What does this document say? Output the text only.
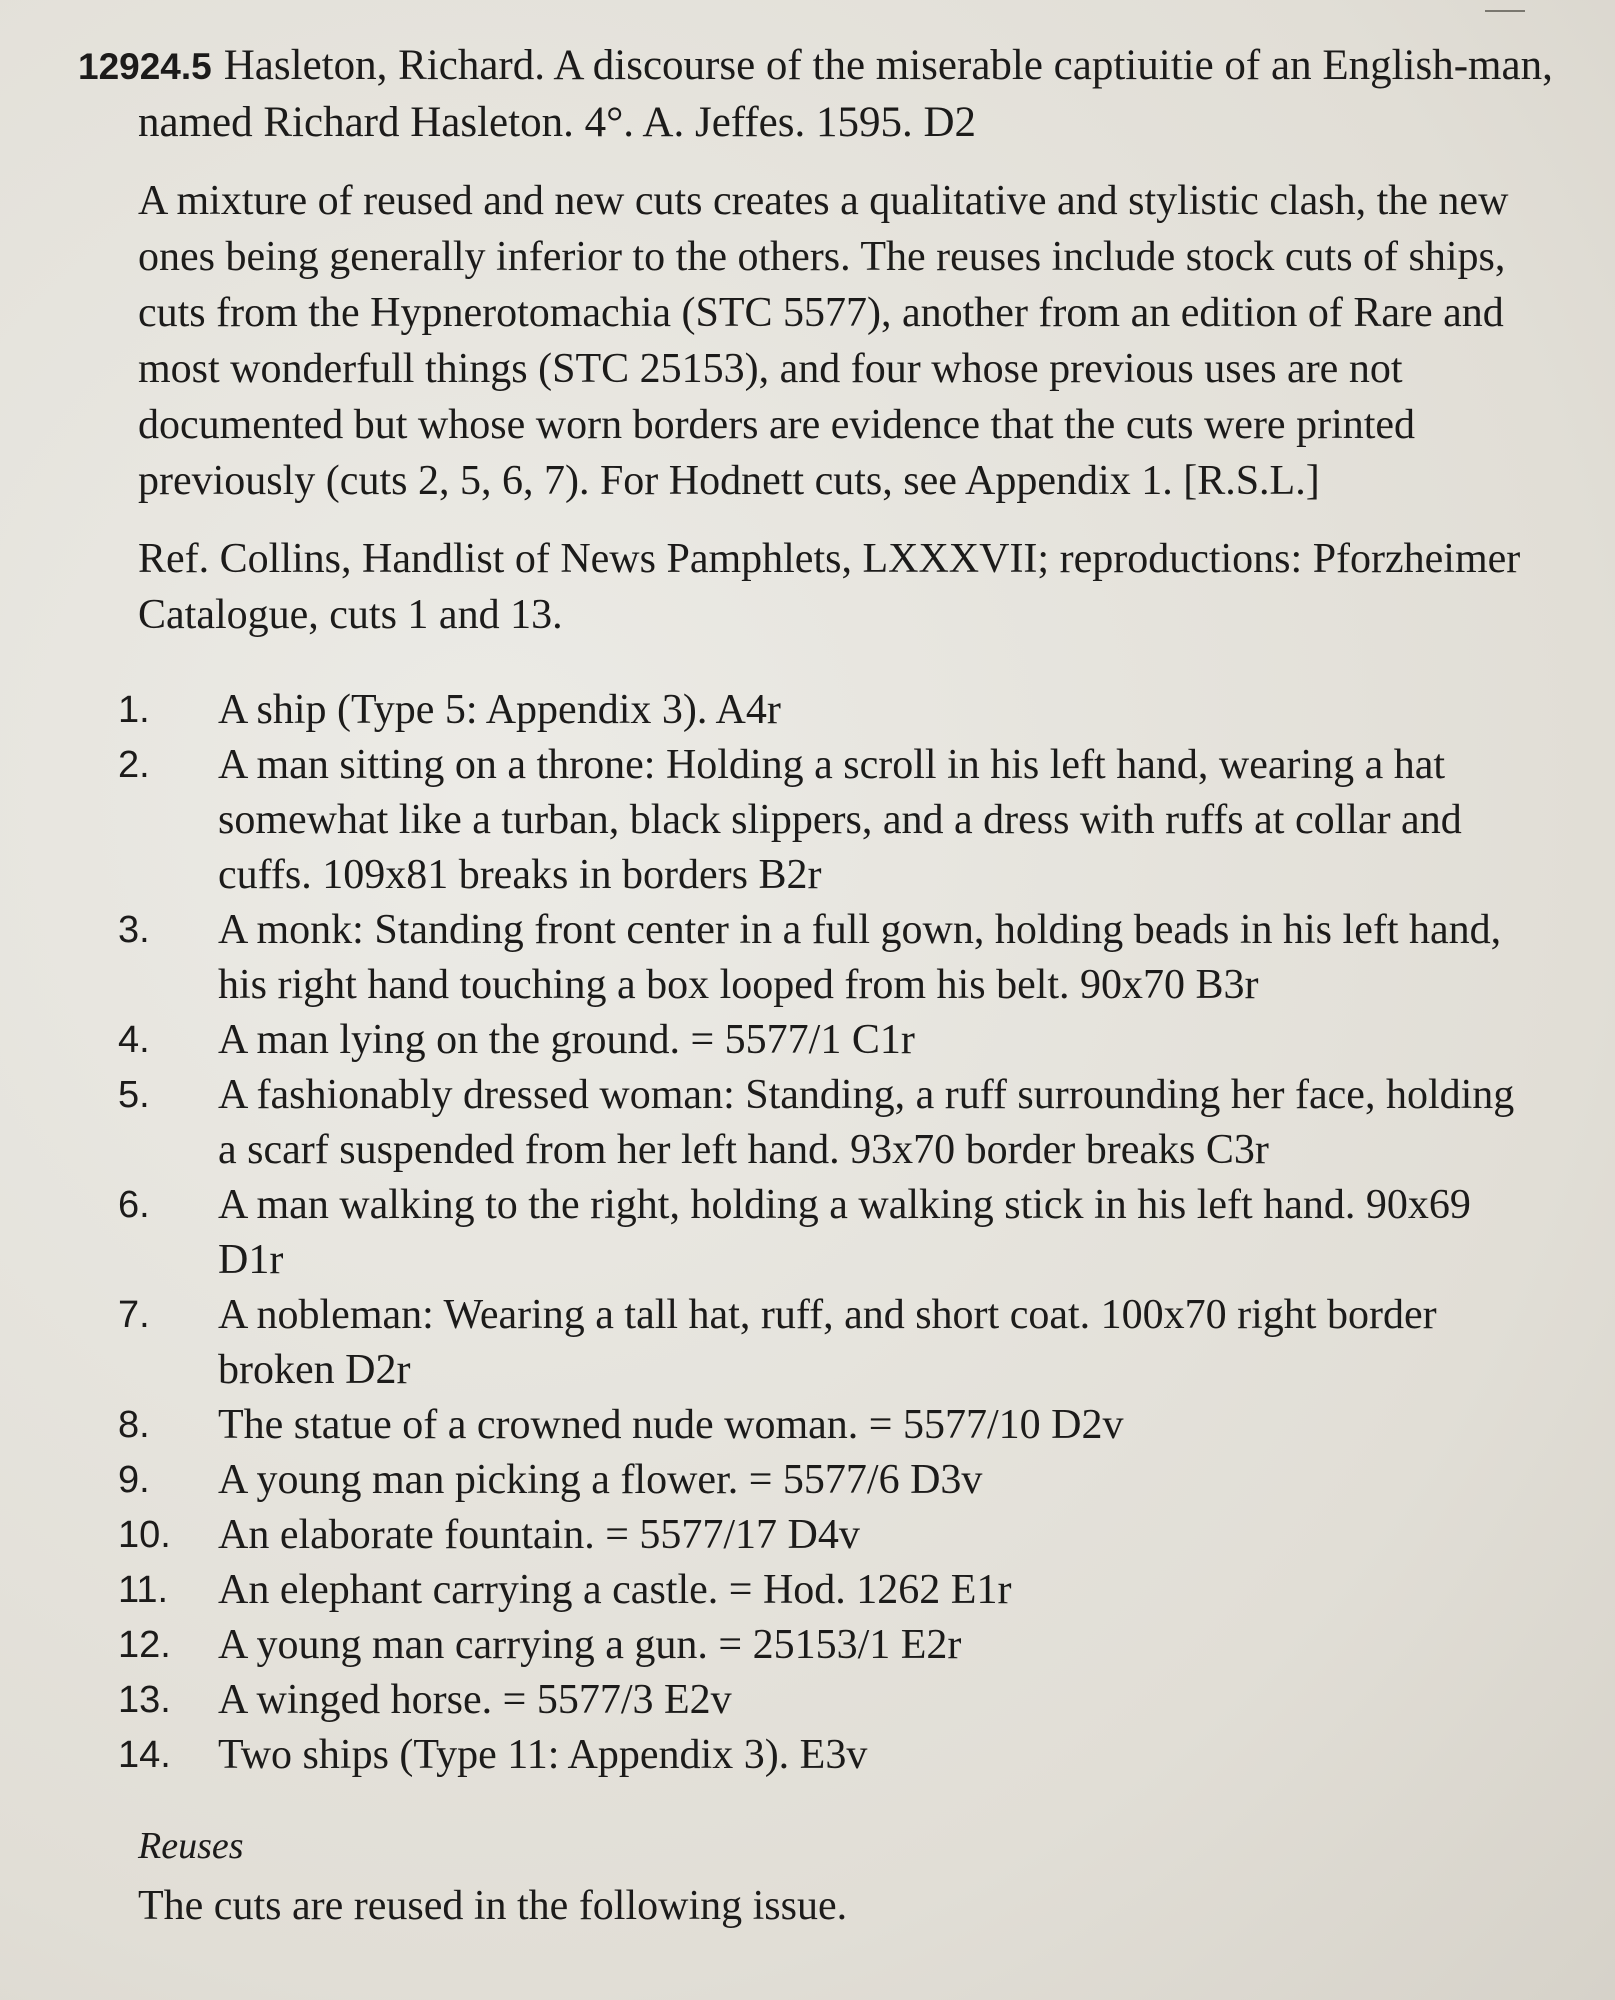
12924.5 Hasleton, Richard. A discourse of the miserable captiuitie of an English-man, named Richard Hasleton. 4°. A. Jeffes. 1595. D2

A mixture of reused and new cuts creates a qualitative and stylistic clash, the new ones being generally inferior to the others. The reuses include stock cuts of ships, cuts from the Hypnerotomachia (STC 5577), another from an edition of Rare and most wonderfull things (STC 25153), and four whose previous uses are not documented but whose worn borders are evidence that the cuts were printed previously (cuts 2, 5, 6, 7). For Hodnett cuts, see Appendix 1. [R.S.L.]

Ref. Collins, Handlist of News Pamphlets, LXXXVII; reproductions: Pforzheimer Catalogue, cuts 1 and 13.

1.	A ship (Type 5: Appendix 3). A4r
2.	A man sitting on a throne: Holding a scroll in his left hand, wearing a hat somewhat like a turban, black slippers, and a dress with ruffs at collar and cuffs. 109x81 breaks in borders B2r
3.	A monk: Standing front center in a full gown, holding beads in his left hand, his right hand touching a box looped from his belt. 90x70 B3r
4.	A man lying on the ground. = 5577/1 C1r
5.	A fashionably dressed woman: Standing, a ruff surrounding her face, holding a scarf suspended from her left hand. 93x70 border breaks C3r
6.	A man walking to the right, holding a walking stick in his left hand. 90x69 D1r
7.	A nobleman: Wearing a tall hat, ruff, and short coat. 100x70 right border broken D2r
8.	The statue of a crowned nude woman. = 5577/10 D2v
9.	A young man picking a flower. = 5577/6 D3v
10.	An elaborate fountain. = 5577/17 D4v
11.	An elephant carrying a castle. = Hod. 1262 E1r
12.	A young man carrying a gun. = 25153/1 E2r
13.	A winged horse. = 5577/3 E2v
14.	Two ships (Type 11: Appendix 3). E3v

Reuses

The cuts are reused in the following issue.
